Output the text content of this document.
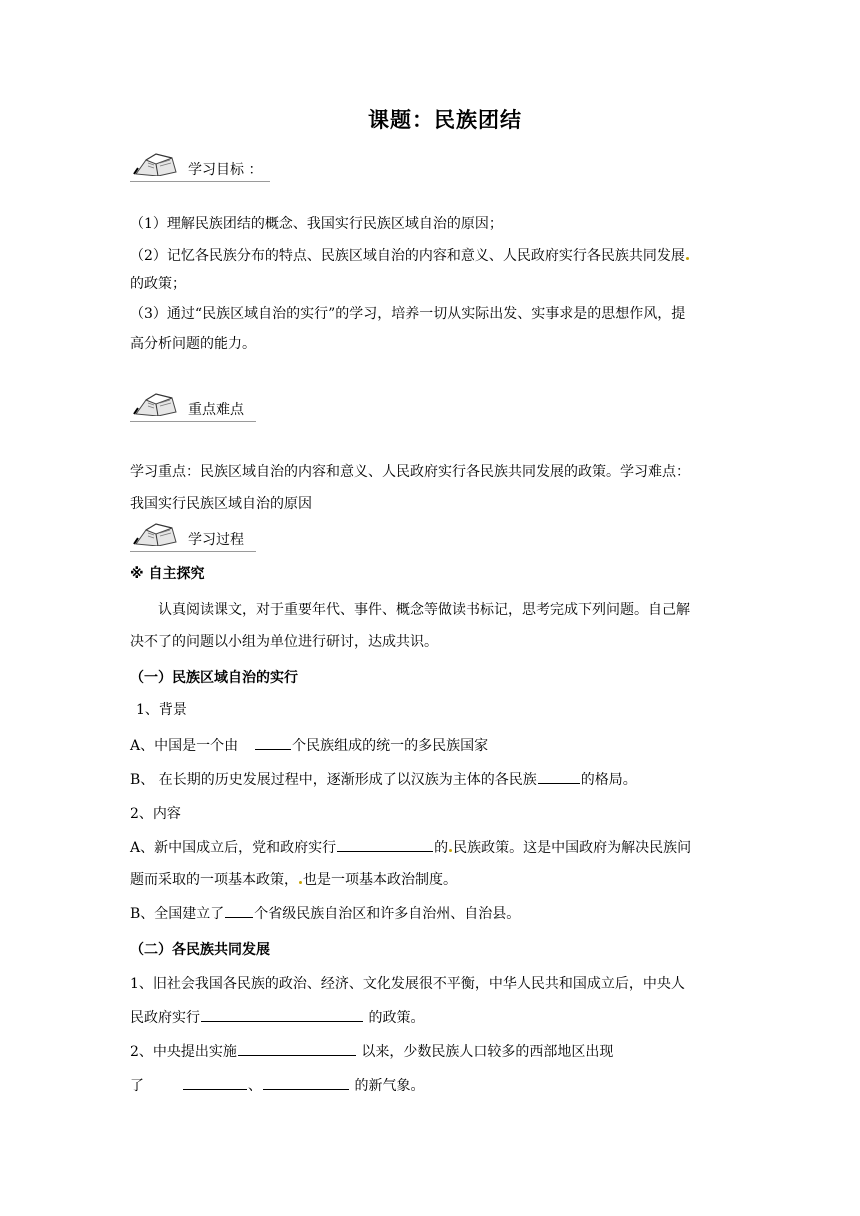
课题：民族团结
学习目标 ：
（1）理解民族团结的概念、我国实行民族区域自治的原因；
（2）记忆各民族分布的特点、民族区域自治的内容和意义、人民政府实行各民族共同发展
的政策；
（3）通过“民族区域自治的实行”的学习，培养一切从实际出发、实事求是的思想作风，提
高分析问题的能力。
重点难点
学习重点：民族区域自治的内容和意义、人民政府实行各民族共同发展的政策。学习难点：
我国实行民族区域自治的原因
学习过程
※ 自主探究
认真阅读课文，对于重要年代、事件、概念等做读书标记，思考完成下列问题。自己解
决不了的问题以小组为单位进行研讨，达成共识。
（一）民族区域自治的实行
1、背景
A、中国是一个由	个民族组成的统一的多民族国家
B、 在长期的历史发展过程中，逐渐形成了以汉族为主体的各民族	的格局。
2、内容
A、新中国成立后，党和政府实行	的 民族政策。这是中国政府为解决民族问
题而采取的一项基本政策， 也是一项基本政治制度。
B、全国建立了 个省级民族自治区和许多自治州、自治县。
（二）各民族共同发展
1、旧社会我国各民族的政治、经济、文化发展很不平衡，中华人民共和国成立后，中央人
民政府实行	的政策。
2、中央提出实施	以来，少数民族人口较多的西部地区出现
了	、	的新气象。
